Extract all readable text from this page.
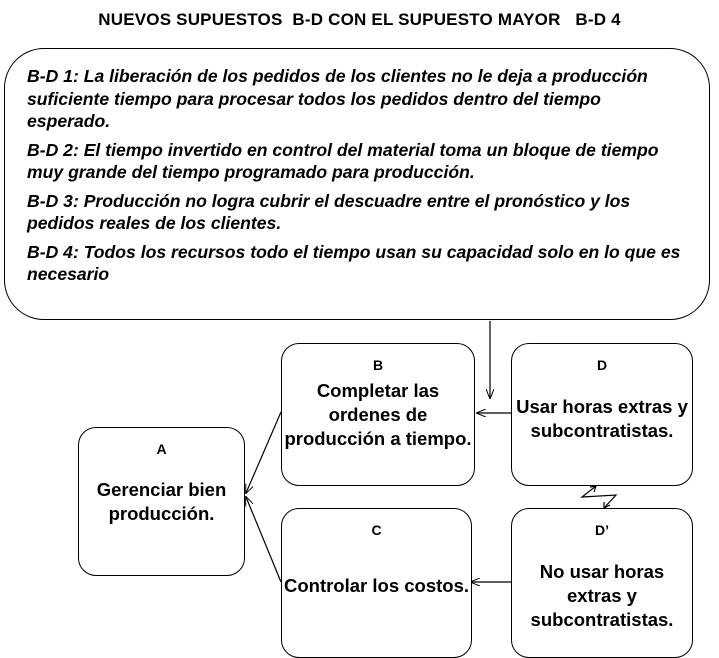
NUEVOS SUPUESTOS  B-D CON EL SUPUESTO MAYOR   B-D 4

B-D 1: La liberación de los pedidos de los clientes no le deja a producción suficiente tiempo para procesar todos los pedidos dentro del tiempo esperado.

B-D 2: El tiempo invertido en control del material toma un bloque de tiempo muy grande del tiempo programado para producción.

B-D 3: Producción no logra cubrir el descuadre entre el pronóstico y los pedidos reales de los clientes.

B-D 4: Todos los recursos todo el tiempo usan su capacidad solo en lo que es necesario

A
Gerenciar bien producción.
B
Completar las ordenes de producción a tiempo.
C
Controlar los costos.
D
Usar horas extras y subcontratistas.
D’
No usar horas extras y subcontratistas.
